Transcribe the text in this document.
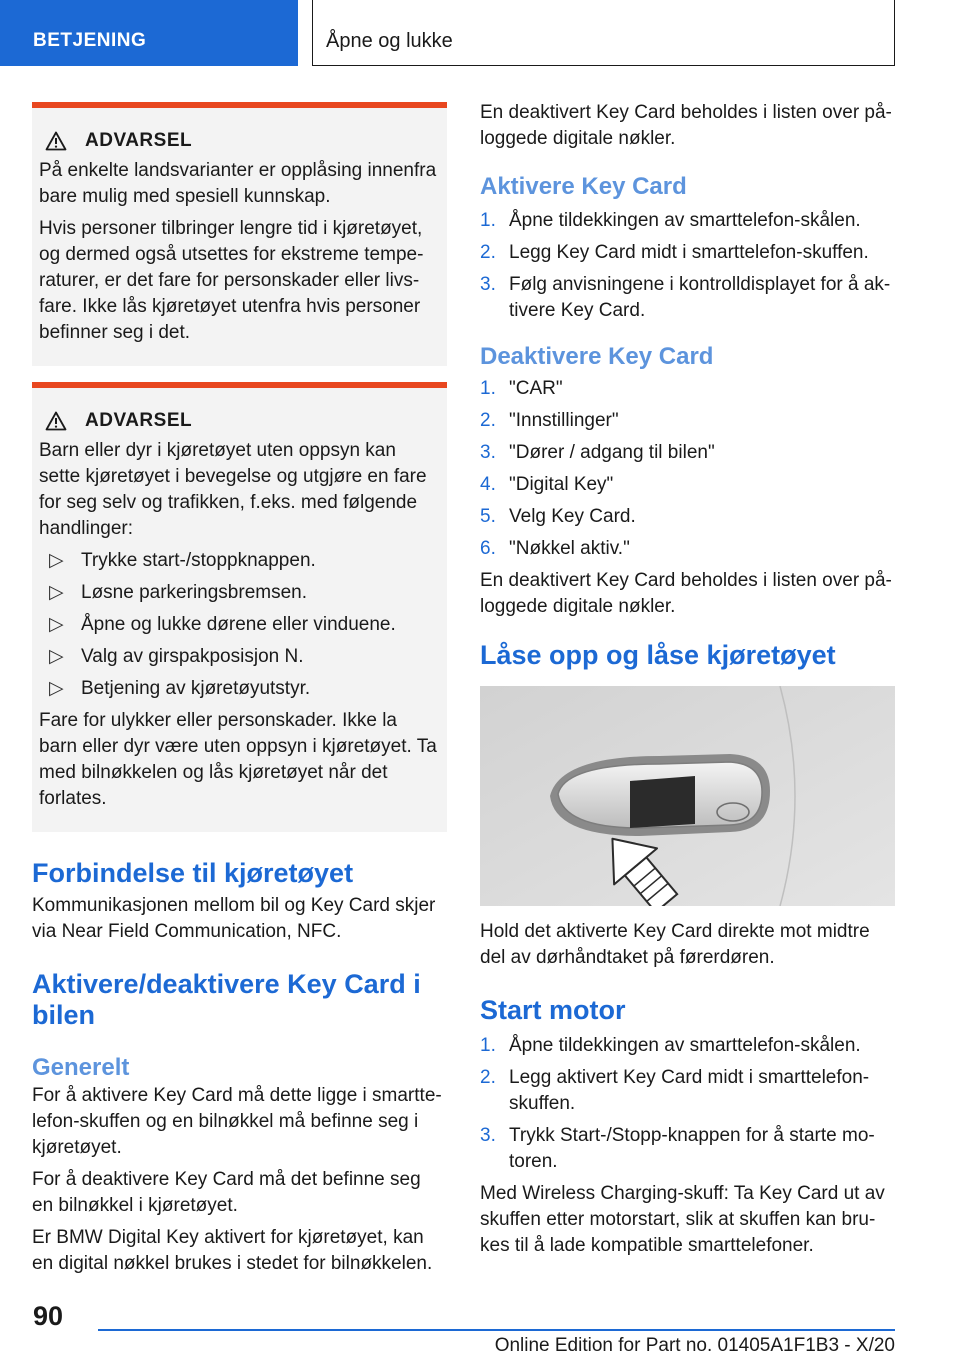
BETJENING	Åpne og lukke
ADVARSEL

På enkelte landsvarianter er opplåsing innenfra bare mulig med spesiell kunnskap.

Hvis personer tilbringer lengre tid i kjøretøyet, og dermed også utsettes for ekstreme tempe-raturer, er det fare for personskader eller livs-fare. Ikke lås kjøretøyet utenfra hvis personer befinner seg i det.

ADVARSEL

Barn eller dyr i kjøretøyet uten oppsyn kan sette kjøretøyet i bevegelse og utgjøre en fare for seg selv og trafikken, f.eks. med følgende handlinger:

▷ Trykke start-/stoppknappen.
▷ Løsne parkeringsbremsen.
▷ Åpne og lukke dørene eller vinduene.
▷ Valg av girspakposisjon N.
▷ Betjening av kjøretøyutstyr.

Fare for ulykker eller personskader. Ikke la barn eller dyr være uten oppsyn i kjøretøyet. Ta med bilnøkkelen og lås kjøretøyet når det forlates.

Forbindelse til kjøretøyet

Kommunikasjonen mellom bil og Key Card skjer via Near Field Communication, NFC.

Aktivere/deaktivere Key Card i bilen
Generelt

For å aktivere Key Card må dette ligge i smartte-lefon-skuffen og en bilnøkkel må befinne seg i kjøretøyet.

For å deaktivere Key Card må det befinne seg en bilnøkkel i kjøretøyet.

Er BMW Digital Key aktivert for kjøretøyet, kan en digital nøkkel brukes i stedet for bilnøkkelen.

En deaktivert Key Card beholdes i listen over på-loggede digitale nøkler.

Aktivere Key Card
1. Åpne tildekkingen av smarttelefon-skålen.
2. Legg Key Card midt i smarttelefon-skuffen.
3. Følg anvisningene i kontrolldisplayet for å ak-tivere Key Card.
Deaktivere Key Card
1. "CAR"
2. "Innstillinger"
3. "Dører / adgang til bilen"
4. "Digital Key"
5. Velg Key Card.
6. "Nøkkel aktiv."

En deaktivert Key Card beholdes i listen over på-loggede digitale nøkler.

Låse opp og låse kjøretøyet

Hold det aktiverte Key Card direkte mot midtre del av dørhåndtaket på førerdøren.

Start motor
1. Åpne tildekkingen av smarttelefon-skålen.
2. Legg aktivert Key Card midt i smarttelefon-skuffen.
3. Trykk Start-/Stopp-knappen for å starte mo-toren.

Med Wireless Charging-skuff: Ta Key Card ut av skuffen etter motorstart, slik at skuffen kan bru-kes til å lade kompatible smarttelefoner.

90
Online Edition for Part no. 01405A1F1B3 - X/20
